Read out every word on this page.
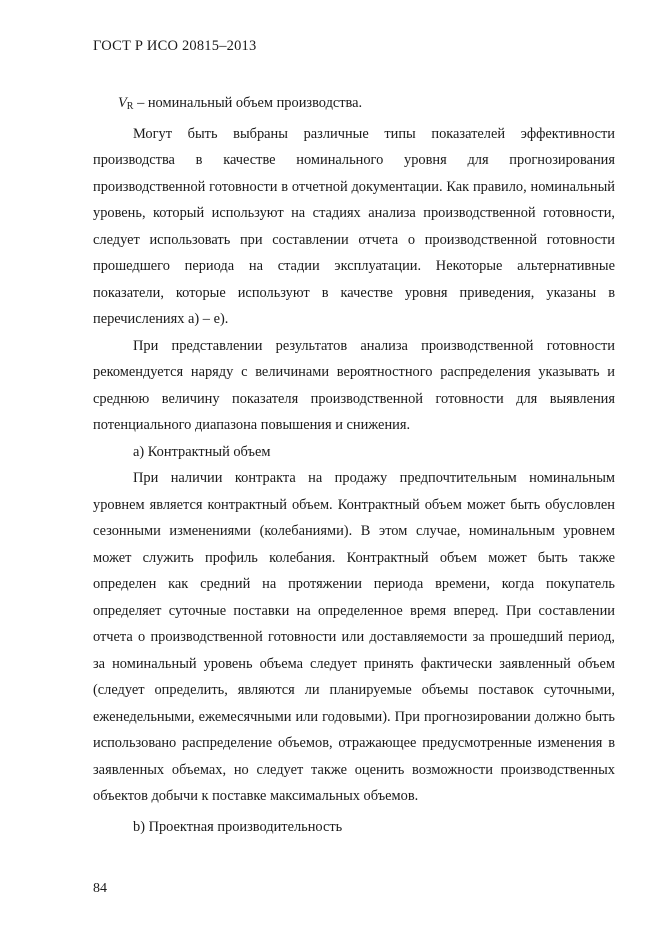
ГОСТ Р ИСО 20815–2013

$V_R$ – номинальный объем производства.

Могут быть выбраны различные типы показателей эффективности производства в качестве номинального уровня для прогнозирования производственной готовности в отчетной документации. Как правило, номинальный уровень, который используют на стадиях анализа производственной готовности, следует использовать при составлении отчета о производственной готовности прошедшего периода на стадии эксплуатации. Некоторые альтернативные показатели, которые используют в качестве уровня приведения, указаны в перечислениях а) – е).

При представлении результатов анализа производственной готовности рекомендуется наряду с величинами вероятностного распределения указывать и среднюю величину показателя производственной готовности для выявления потенциального диапазона повышения и снижения.

а) Контрактный объем

При наличии контракта на продажу предпочтительным номинальным уровнем является контрактный объем. Контрактный объем может быть обусловлен сезонными изменениями (колебаниями). В этом случае, номинальным уровнем может служить профиль колебания. Контрактный объем может быть также определен как средний на протяжении периода времени, когда покупатель определяет суточные поставки на определенное время вперед. При составлении отчета о производственной готовности или доставляемости за прошедший период, за номинальный уровень объема следует принять фактически заявленный объем (следует определить, являются ли планируемые объемы поставок суточными, еженедельными, ежемесячными или годовыми). При прогнозировании должно быть использовано распределение объемов, отражающее предусмотренные изменения в заявленных объемах, но следует также оценить возможности производственных объектов добычи к поставке максимальных объемов.

b) Проектная производительность

84
